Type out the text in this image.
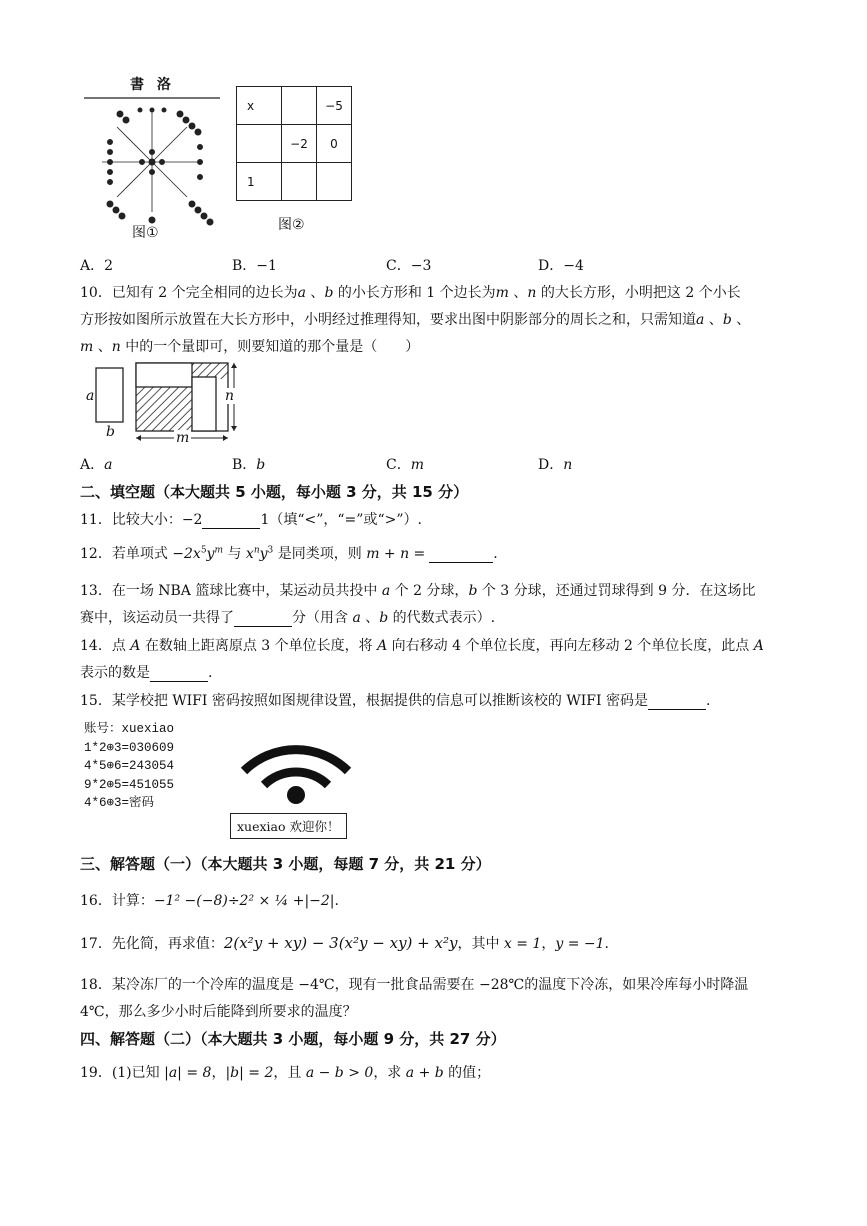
書 洛
图①
x		−5
	−2	0
1		
图②
A．2	B．−1	C．−3	D．−4
10．已知有 2 个完全相同的边长为a 、b 的小长方形和 1 个边长为m 、n 的大长方形，小明把这 2 个小长
方形按如图所示放置在大长方形中，小明经过推理得知，要求出图中阴影部分的周长之和，只需知道a 、b 、
m 、n 中的一个量即可，则要知道的那个量是（　　）
a
b
n
m
A．a	B．b	C．m	D．n
二、填空题（本大题共 5 小题，每小题 3 分，共 15 分）
11．比较大小：−2	1（填“<”，“=”或“>”）.
12．若单项式 $-2x^5y^m$ 与 $x^ny^3$ 是同类项，则 m + n =	.
13．在一场 NBA 篮球比赛中，某运动员共投中 a 个 2 分球，b 个 3 分球，还通过罚球得到 9 分．在这场比
赛中，该运动员一共得了	分（用含 a 、b 的代数式表示）.
14．点 A 在数轴上距离原点 3 个单位长度，将 A 向右移动 4 个单位长度，再向左移动 2 个单位长度，此点 A
表示的数是	.
15．某学校把 WIFI 密码按照如图规律设置，根据提供的信息可以推断该校的 WIFI 密码是	.
账号：xuexiao
1*2⊕3=030609
4*5⊕6=243054
9*2⊕5=451055
4*6⊕3=密码
xuexiao 欢迎你！
三、解答题（一）（本大题共 3 小题，每题 7 分，共 21 分）
16．计算：−1² −(−8)÷2² × ¼ +|−2|.
17．先化简，再求值：2(x²y + xy) − 3(x²y − xy) + x²y，其中 x = 1，y = −1.
18．某冷冻厂的一个冷库的温度是 −4℃，现有一批食品需要在 −28℃的温度下冷冻，如果冷库每小时降温
4℃，那么多少小时后能降到所要求的温度？
四、解答题（二）（本大题共 3 小题，每小题 9 分，共 27 分）
19．(1)已知 |a| = 8，|b| = 2，且 a − b > 0，求 a + b 的值；
